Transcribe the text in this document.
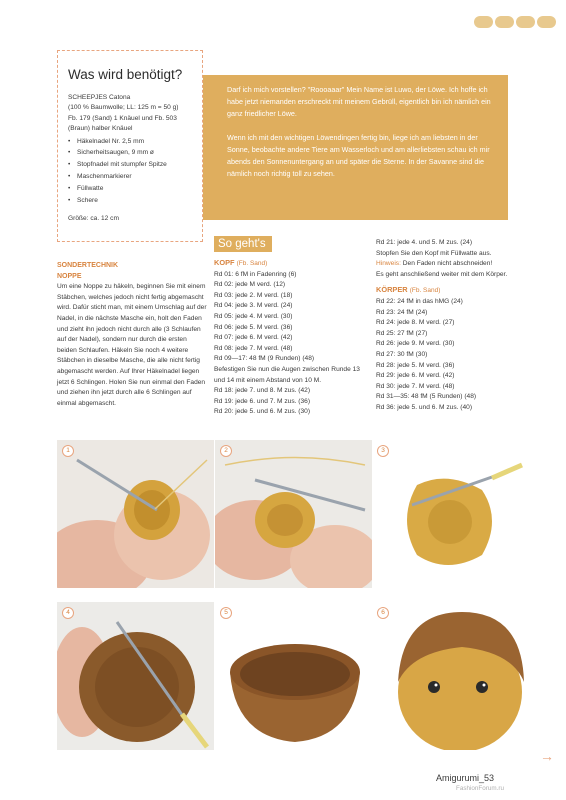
Was wird benötigt?
SCHEEPJES Catona
(100 % Baumwolle; LL: 125 m = 50 g)
Fb. 179 (Sand) 1 Knäuel und Fb. 503
(Braun) halber Knäuel
• Häkelnadel Nr. 2,5 mm
• Sicherheitsaugen, 9 mm ø
• Stopfnadel mit stumpfer Spitze
• Maschenmarkierer
• Füllwatte
• Schere
Größe: ca. 12 cm

Darf ich mich vorstellen? "Roooaaar" Mein Name ist Luwo, der Löwe. Ich hoffe ich habe jetzt niemanden erschreckt mit meinem Gebrüll, eigentlich bin ich nämlich ein ganz friedlicher Löwe.

Wenn ich mit den wichtigen Löwendingen fertig bin, liege ich am liebsten in der Sonne, beobachte andere Tiere am Wasserloch und am allerliebsten schau ich mir abends den Sonnenuntergang an und später die Sterne. In der Savanne sind die nämlich noch richtig toll zu sehen.

SONDERTECHNIK
NOPPE
Um eine Noppe zu häkeln, beginnen Sie mit einem Stäbchen, welches jedoch nicht fertig abgemascht wird. Dafür sticht man, mit einem Umschlag auf der Nadel, in die nächste Masche ein, holt den Faden und zieht ihn jedoch nicht durch alle (3 Schlaufen auf der Nadel), sondern nur durch die ersten beiden Schlaufen. Häkeln Sie noch 4 weitere Stäbchen in dieselbe Masche, die alle nicht fertig abgemascht werden. Auf Ihrer Häkelnadel liegen jetzt 6 Schlingen. Holen Sie nun einmal den Faden und ziehen ihn jetzt durch alle 6 Schlingen auf einmal abgemascht.
So geht's
KOPF (Fb. Sand)
Rd 01: 6 fM in Fadenring (6)
Rd 02: jede M verd. (12)
Rd 03: jede 2. M verd. (18)
Rd 04: jede 3. M verd. (24)
Rd 05: jede 4. M verd. (30)
Rd 06: jede 5. M verd. (36)
Rd 07: jede 6. M verd. (42)
Rd 08: jede 7. M verd. (48)
Rd 09—17: 48 fM (9 Runden) (48)
Befestigen Sie nun die Augen zwischen Runde 13 und 14 mit einem Abstand von 10 M.
Rd 18: jede 7. und 8. M zus. (42)
Rd 19: jede 6. und 7. M zus. (36)
Rd 20: jede 5. und 6. M zus. (30)
Rd 21: jede 4. und 5. M zus. (24)
Stopfen Sie den Kopf mit Füllwatte aus.
Hinweis: Den Faden nicht abschneiden!
Es geht anschließend weiter mit dem Körper.
KÖRPER (Fb. Sand)
Rd 22: 24 fM in das hMG (24)
Rd 23: 24 fM (24)
Rd 24: jede 8. M verd. (27)
Rd 25: 27 fM (27)
Rd 26: jede 9. M verd. (30)
Rd 27: 30 fM (30)
Rd 28: jede 5. M verd. (36)
Rd 29: jede 6. M verd. (42)
Rd 30: jede 7. M verd. (48)
Rd 31—35: 48 fM (5 Runden) (48)
Rd 36: jede 5. und 6. M zus. (40)
1	2	3
4	5	6
→
Amigurumi_53
FashionForum.ru
